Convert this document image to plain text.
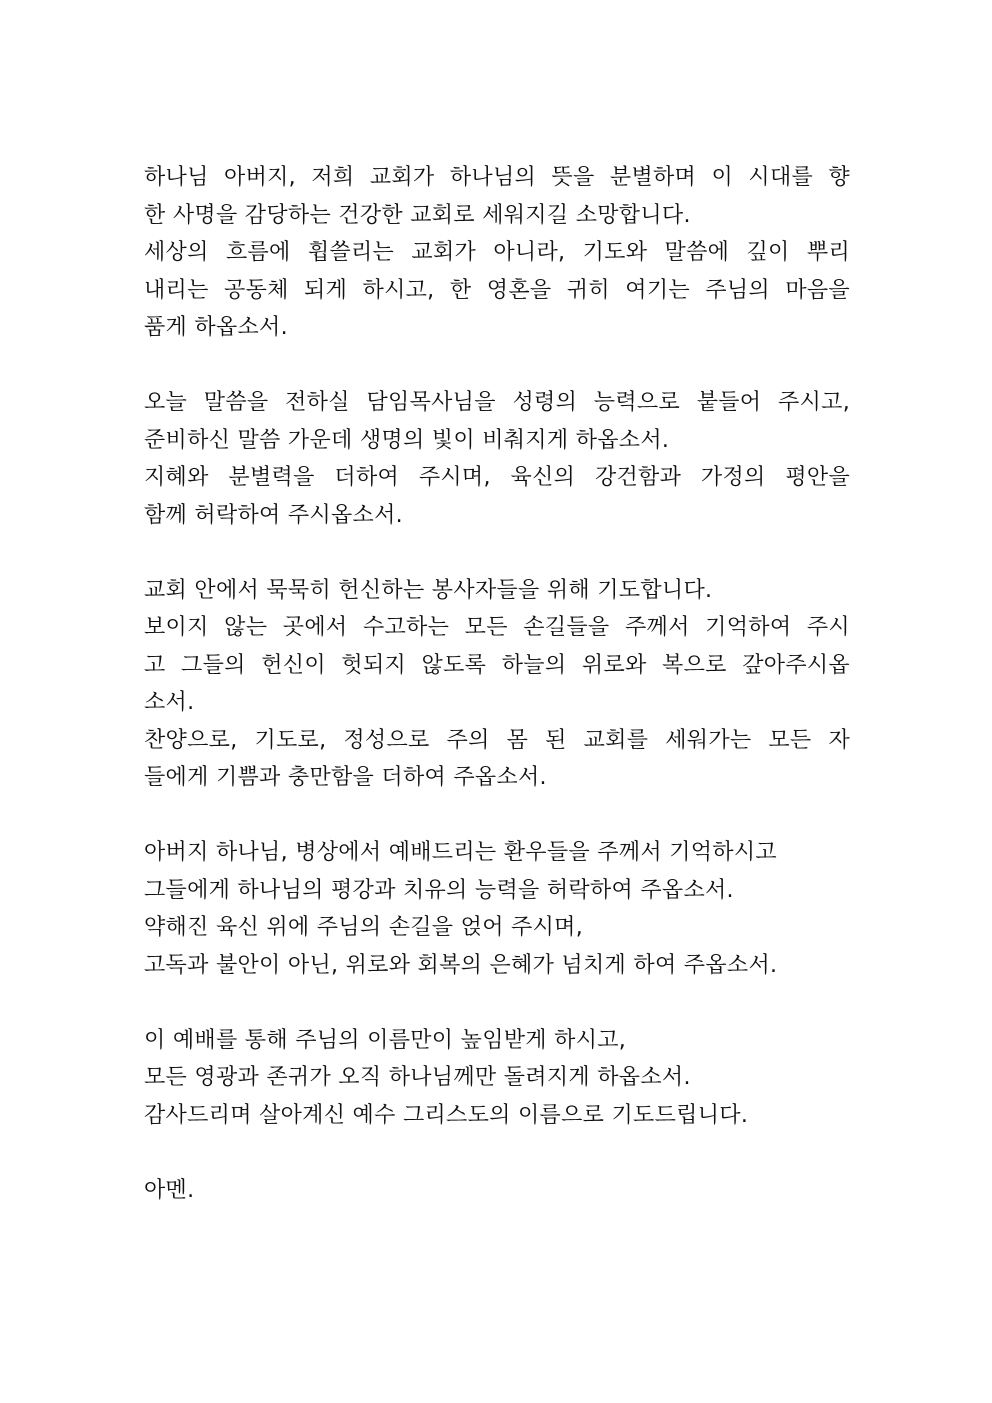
하나님 아버지, 저희 교회가 하나님의 뜻을 분별하며 이 시대를 향
한 사명을 감당하는 건강한 교회로 세워지길 소망합니다.
세상의 흐름에 휩쓸리는 교회가 아니라, 기도와 말씀에 깊이 뿌리
내리는 공동체 되게 하시고, 한 영혼을 귀히 여기는 주님의 마음을
품게 하옵소서.
오늘 말씀을 전하실 담임목사님을 성령의 능력으로 붙들어 주시고,
준비하신 말씀 가운데 생명의 빛이 비춰지게 하옵소서.
지혜와 분별력을 더하여 주시며, 육신의 강건함과 가정의 평안을
함께 허락하여 주시옵소서.
교회 안에서 묵묵히 헌신하는 봉사자들을 위해 기도합니다.
보이지 않는 곳에서 수고하는 모든 손길들을 주께서 기억하여 주시
고 그들의 헌신이 헛되지 않도록 하늘의 위로와 복으로 갚아주시옵
소서.
찬양으로, 기도로, 정성으로 주의 몸 된 교회를 세워가는 모든 자
들에게 기쁨과 충만함을 더하여 주옵소서.
아버지 하나님, 병상에서 예배드리는 환우들을 주께서 기억하시고
그들에게 하나님의 평강과 치유의 능력을 허락하여 주옵소서.
약해진 육신 위에 주님의 손길을 얹어 주시며,
고독과 불안이 아닌, 위로와 회복의 은혜가 넘치게 하여 주옵소서.
이 예배를 통해 주님의 이름만이 높임받게 하시고,
모든 영광과 존귀가 오직 하나님께만 돌려지게 하옵소서.
감사드리며 살아계신 예수 그리스도의 이름으로 기도드립니다.
아멘.
